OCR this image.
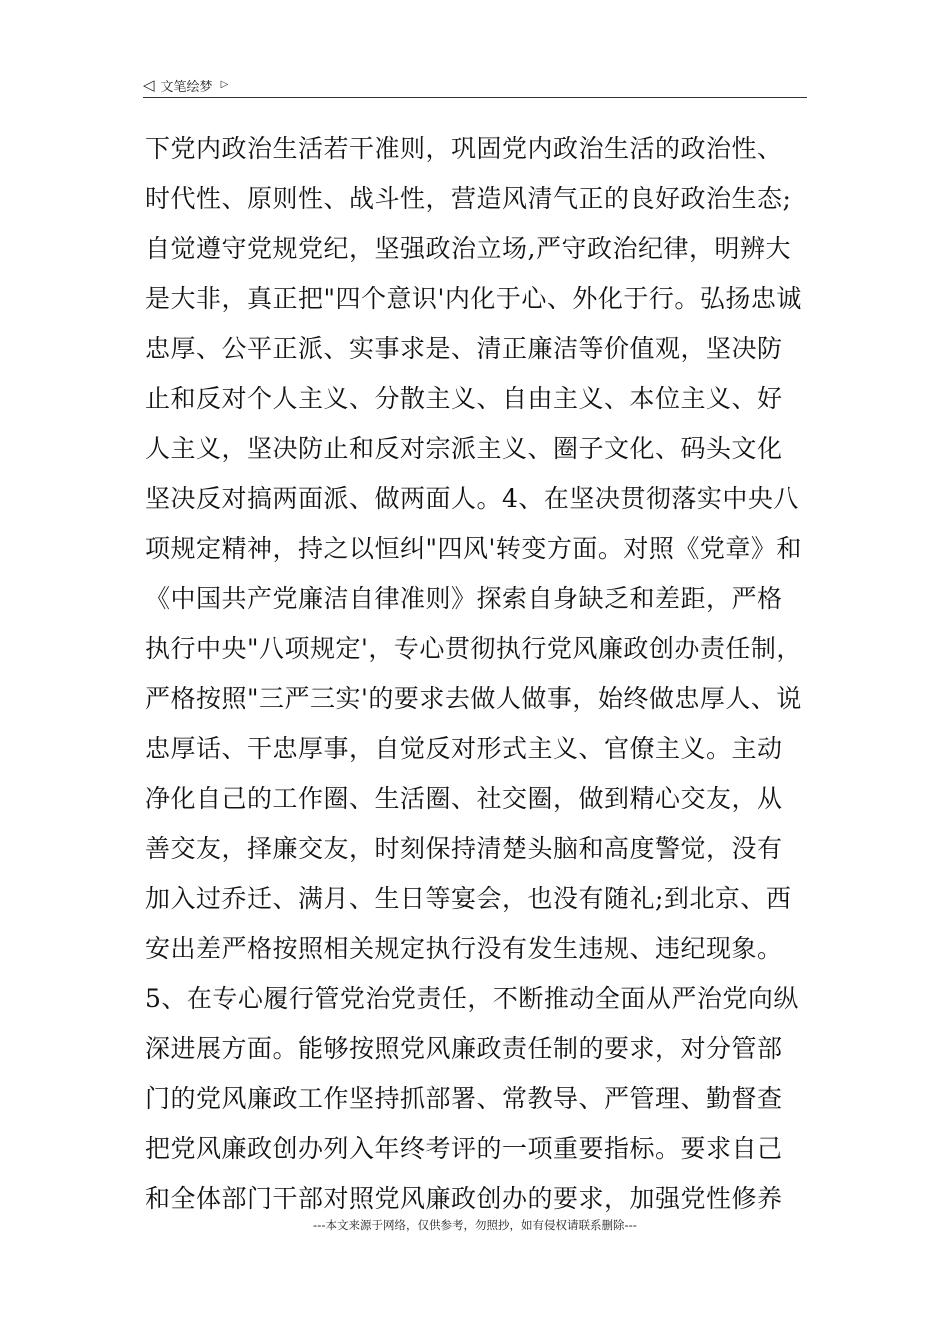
◁ 文笔绘梦 ▷
下党内政治生活若干准则，巩固党内政治生活的政治性、
时代性、原则性、战斗性，营造风清气正的良好政治生态;
自觉遵守党规党纪，坚强政治立场,严守政治纪律，明辨大
是大非，真正把"四个意识'内化于心、外化于行。弘扬忠诚
忠厚、公平正派、实事求是、清正廉洁等价值观，坚决防
止和反对个人主义、分散主义、自由主义、本位主义、好
人主义，坚决防止和反对宗派主义、圈子文化、码头文化
坚决反对搞两面派、做两面人。4、在坚决贯彻落实中央八
项规定精神，持之以恒纠"四风'转变方面。对照《党章》和
《中国共产党廉洁自律准则》探索自身缺乏和差距，严格
执行中央"八项规定'，专心贯彻执行党风廉政创办责任制，
严格按照"三严三实'的要求去做人做事，始终做忠厚人、说
忠厚话、干忠厚事，自觉反对形式主义、官僚主义。主动
净化自己的工作圈、生活圈、社交圈，做到精心交友，从
善交友，择廉交友，时刻保持清楚头脑和高度警觉，没有
加入过乔迁、满月、生日等宴会，也没有随礼;到北京、西
安出差严格按照相关规定执行没有发生违规、违纪现象。
5、在专心履行管党治党责任，不断推动全面从严治党向纵
深进展方面。能够按照党风廉政责任制的要求，对分管部
门的党风廉政工作坚持抓部署、常教导、严管理、勤督查
把党风廉政创办列入年终考评的一项重要指标。要求自己
和全体部门干部对照党风廉政创办的要求，加强党性修养
---本文来源于网络，仅供参考，勿照抄，如有侵权请联系删除---
